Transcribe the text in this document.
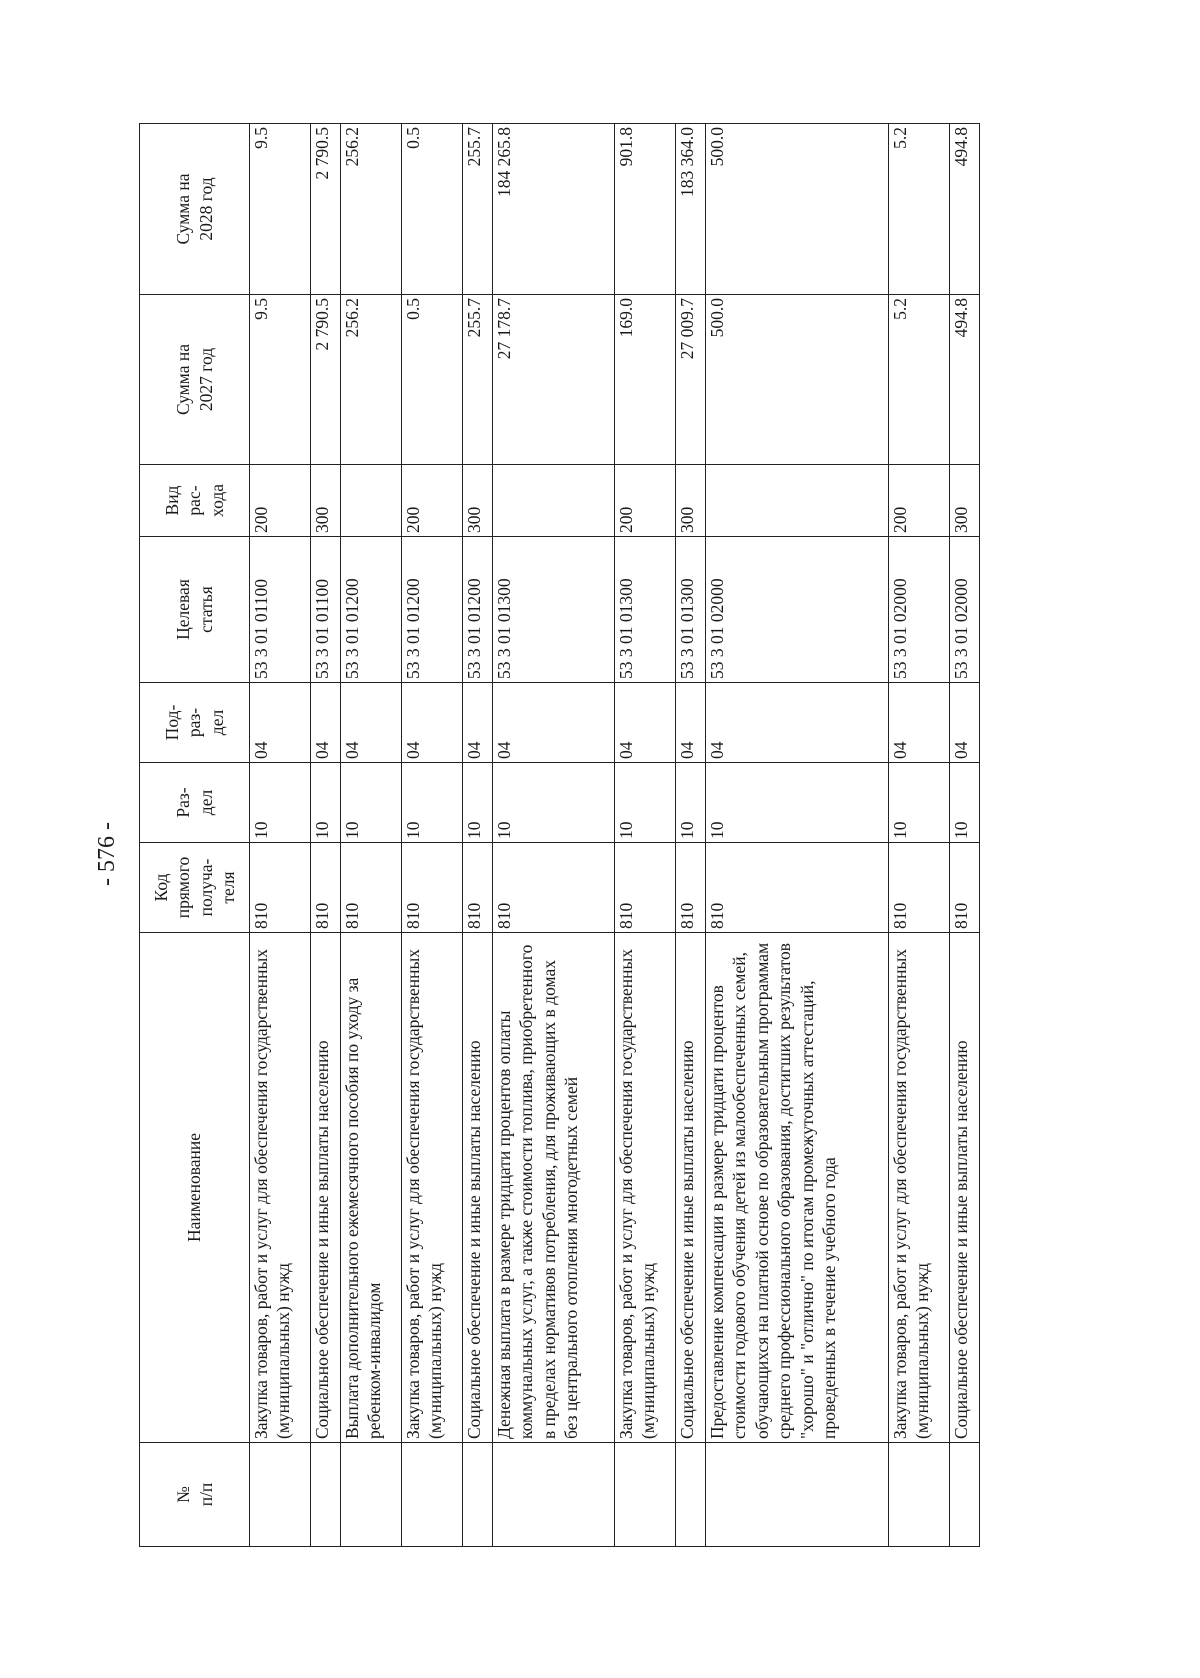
- 576 -
№ п/п	Наименование	Код прямого получа- теля	Раз- дел	Под- раз- дел	Целевая статья	Вид рас- хода	Сумма на 2027 год	Сумма на 2028 год

	Закупка товаров, работ и услуг для обеспечения государственных (муниципальных) нужд	810	10	04	53 3 01 01100	200	9.5	9.5
	Социальное обеспечение и иные выплаты населению	810	10	04	53 3 01 01100	300	2 790.5	2 790.5
	Выплата дополнительного ежемесячного пособия по уходу за ребенком-инвалидом	810	10	04	53 3 01 01200		256.2	256.2
	Закупка товаров, работ и услуг для обеспечения государственных (муниципальных) нужд	810	10	04	53 3 01 01200	200	0.5	0.5
	Социальное обеспечение и иные выплаты населению	810	10	04	53 3 01 01200	300	255.7	255.7
	Денежная выплата в размере тридцати процентов оплаты коммунальных услуг, а также стоимости топлива, приобретенного в пределах нормативов потребления, для проживающих в домах без центрального отопления многодетных семей	810	10	04	53 3 01 01300		27 178.7	184 265.8
	Закупка товаров, работ и услуг для обеспечения государственных (муниципальных) нужд	810	10	04	53 3 01 01300	200	169.0	901.8
	Социальное обеспечение и иные выплаты населению	810	10	04	53 3 01 01300	300	27 009.7	183 364.0
	Предоставление компенсации в размере тридцати процентов стоимости годового обучения детей из малообеспеченных семей, обучающихся на платной основе по образовательным программам среднего профессионального образования, достигших результатов "хорошо" и "отлично" по итогам промежуточных аттестаций, проведенных в течение учебного года	810	10	04	53 3 01 02000		500.0	500.0
	Закупка товаров, работ и услуг для обеспечения государственных (муниципальных) нужд	810	10	04	53 3 01 02000	200	5.2	5.2
	Социальное обеспечение и иные выплаты населению	810	10	04	53 3 01 02000	300	494.8	494.8
